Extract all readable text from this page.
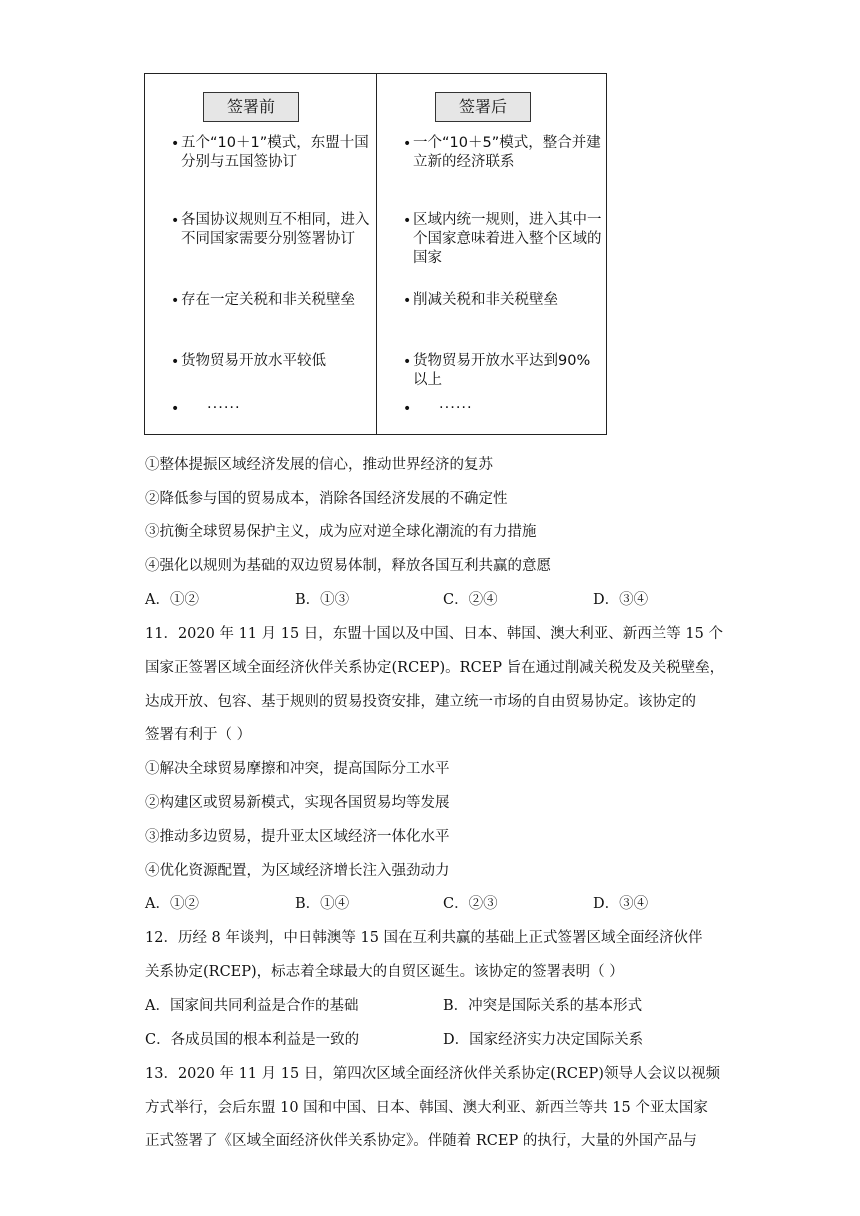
签署前
• 五个“10＋1”模式，东盟十国分别与五国签协订
• 各国协议规则互不相同，进入不同国家需要分别签署协订
• 存在一定关税和非关税壁垒
• 货物贸易开放水平较低
• ······
签署后
• 一个“10＋5”模式，整合并建立新的经济联系
• 区域内统一规则，进入其中一个国家意味着进入整个区域的国家
• 削减关税和非关税壁垒
• 货物贸易开放水平达到90%以上
• ······
①整体提振区域经济发展的信心，推动世界经济的复苏
②降低参与国的贸易成本，消除各国经济发展的不确定性
③抗衡全球贸易保护主义，成为应对逆全球化潮流的有力措施
④强化以规则为基础的双边贸易体制，释放各国互利共赢的意愿
A．①②	B．①③	C．②④	D．③④
11．2020 年 11 月 15 日，东盟十国以及中国、日本、韩国、澳大利亚、新西兰等 15 个
国家正签署区域全面经济伙伴关系协定(RCEP)。RCEP 旨在通过削减关税发及关税壁垒，
达成开放、包容、基于规则的贸易投资安排，建立统一市场的自由贸易协定。该协定的
签署有利于（ ）
①解决全球贸易摩擦和冲突，提高国际分工水平
②构建区或贸易新模式，实现各国贸易均等发展
③推动多边贸易，提升亚太区域经济一体化水平
④优化资源配置，为区域经济增长注入强劲动力
A．①②	B．①④	C．②③	D．③④
12．历经 8 年谈判，中日韩澳等 15 国在互利共赢的基础上正式签署区域全面经济伙伴
关系协定(RCEP)，标志着全球最大的自贸区诞生。该协定的签署表明（ ）
A．国家间共同利益是合作的基础	B．冲突是国际关系的基本形式
C．各成员国的根本利益是一致的	D．国家经济实力决定国际关系
13．2020 年 11 月 15 日，第四次区域全面经济伙伴关系协定(RCEP)领导人会议以视频
方式举行，会后东盟 10 国和中国、日本、韩国、澳大利亚、新西兰等共 15 个亚太国家
正式签署了《区域全面经济伙伴关系协定》。伴随着 RCEP 的执行，大量的外国产品与
